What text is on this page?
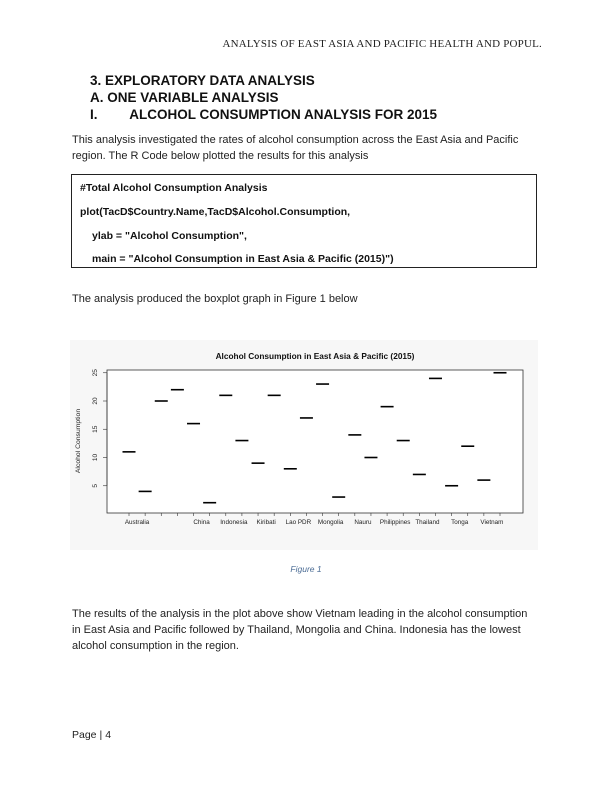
ANALYSIS OF EAST ASIA AND PACIFIC HEALTH AND POPUL.
3. EXPLORATORY DATA ANALYSIS
A. ONE VARIABLE ANALYSIS
I. ALCOHOL CONSUMPTION ANALYSIS FOR 2015
This analysis investigated the rates of alcohol consumption across the East Asia and Pacific
region. The R Code below plotted the results for this analysis
#Total Alcohol Consumption Analysis
plot(TacD$Country.Name,TacD$Alcohol.Consumption,
ylab = "Alcohol Consumption",
main = "Alcohol Consumption in East Asia & Pacific (2015)")
The analysis produced the boxplot graph in Figure 1 below
Alcohol Consumption in East Asia & Pacific (2015)
Alcohol Consumption
5
10
15
20
25
Australia	China Indonesia Kiribati Lao PDR Mongolia Nauru Philippines Thailand Tonga Vietnam
Figure 1
The results of the analysis in the plot above show Vietnam leading in the alcohol consumption
in East Asia and Pacific followed by Thailand, Mongolia and China. Indonesia has the lowest
alcohol consumption in the region.
Page | 4
